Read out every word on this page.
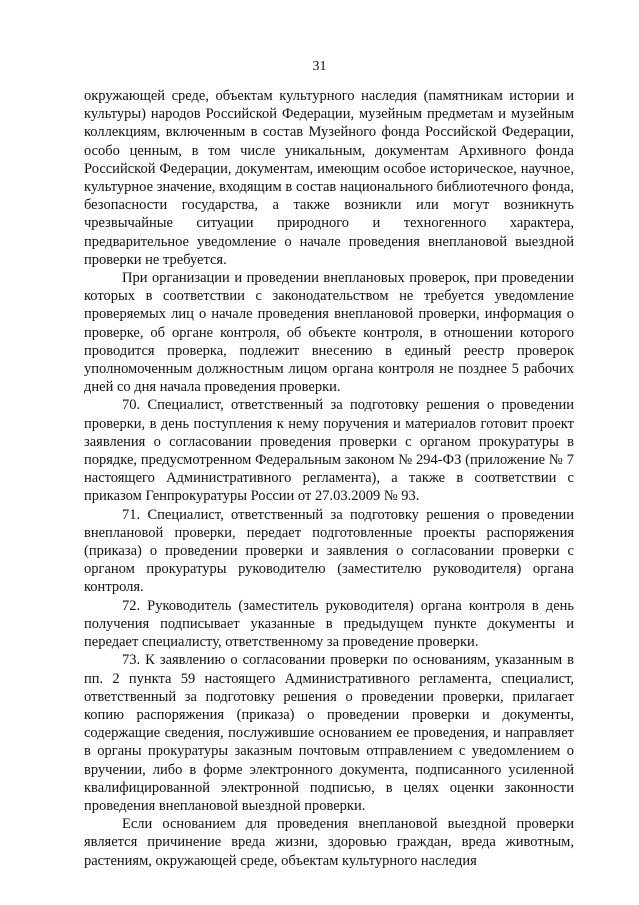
31

окружающей среде, объектам культурного наследия (памятникам истории и культуры) народов Российской Федерации, музейным предметам и музейным коллекциям, включенным в состав Музейного фонда Российской Федерации, особо ценным, в том числе уникальным, документам Архивного фонда Российской Федерации, документам, имеющим особое историческое, научное, культурное значение, входящим в состав национального библиотечного фонда, безопасности государства, а также возникли или могут возникнуть чрезвычайные ситуации природного и техногенного характера, предварительное уведомление о начале проведения внеплановой выездной проверки не требуется.

При организации и проведении внеплановых проверок, при проведении которых в соответствии с законодательством не требуется уведомление проверяемых лиц о начале проведения внеплановой проверки, информация о проверке, об органе контроля, об объекте контроля, в отношении которого проводится проверка, подлежит внесению в единый реестр проверок уполномоченным должностным лицом органа контроля не позднее 5 рабочих дней со дня начала проведения проверки.

70. Специалист, ответственный за подготовку решения о проведении проверки, в день поступления к нему поручения и материалов готовит проект заявления о согласовании проведения проверки с органом прокуратуры в порядке, предусмотренном Федеральным законом № 294-ФЗ (приложение № 7 настоящего Административного регламента), а также в соответствии с приказом Генпрокуратуры России от 27.03.2009 № 93.

71. Специалист, ответственный за подготовку решения о проведении внеплановой проверки, передает подготовленные проекты распоряжения (приказа) о проведении проверки и заявления о согласовании проверки с органом прокуратуры руководителю (заместителю руководителя) органа контроля.

72. Руководитель (заместитель руководителя) органа контроля в день получения подписывает указанные в предыдущем пункте документы и передает специалисту, ответственному за проведение проверки.

73. К заявлению о согласовании проверки по основаниям, указанным в пп. 2 пункта 59 настоящего Административного регламента, специалист, ответственный за подготовку решения о проведении проверки, прилагает копию распоряжения (приказа) о проведении проверки и документы, содержащие сведения, послужившие основанием ее проведения, и направляет в органы прокуратуры заказным почтовым отправлением с уведомлением о вручении, либо в форме электронного документа, подписанного усиленной квалифицированной электронной подписью, в целях оценки законности проведения внеплановой выездной проверки.

Если основанием для проведения внеплановой выездной проверки является причинение вреда жизни, здоровью граждан, вреда животным, растениям, окружающей среде, объектам культурного наследия
